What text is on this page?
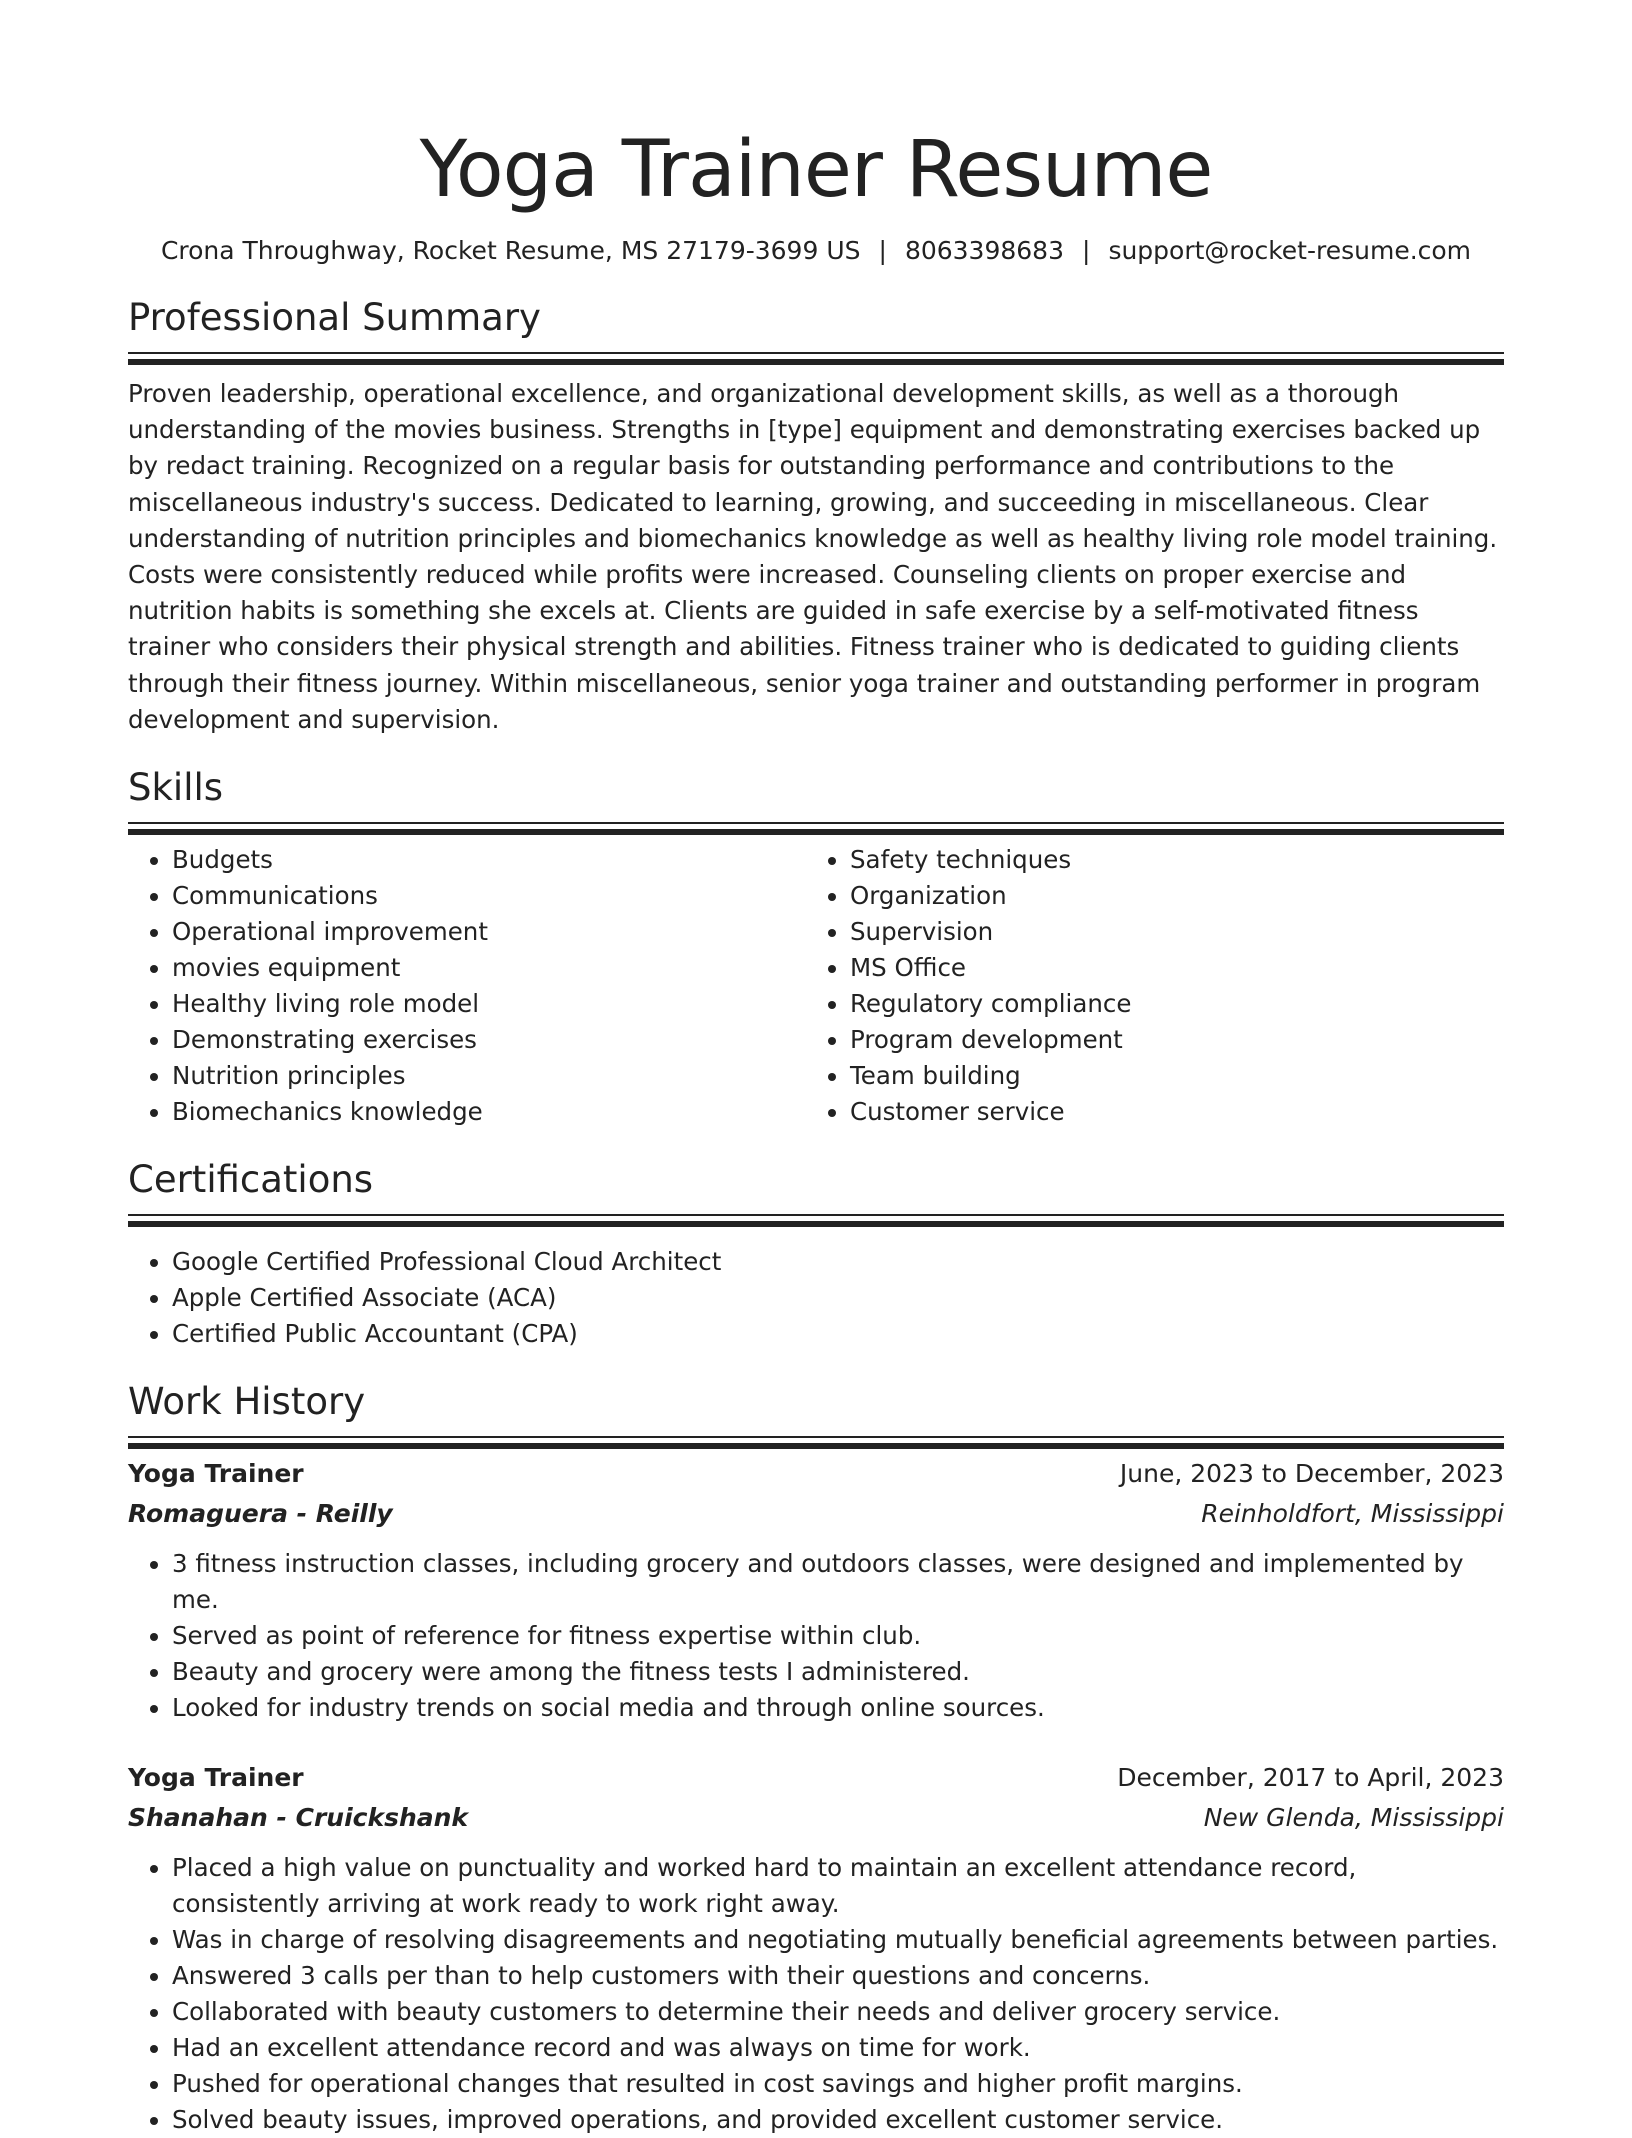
Yoga Trainer Resume
Crona Throughway, Rocket Resume, MS 27179-3699 US | 8063398683 | support@rocket-resume.com
Professional Summary

Proven leadership, operational excellence, and organizational development skills, as well as a thorough understanding of the movies business. Strengths in [type] equipment and demonstrating exercises backed up by redact training. Recognized on a regular basis for outstanding performance and contributions to the miscellaneous industry's success. Dedicated to learning, growing, and succeeding in miscellaneous. Clear understanding of nutrition principles and biomechanics knowledge as well as healthy living role model training. Costs were consistently reduced while profits were increased. Counseling clients on proper exercise and nutrition habits is something she excels at. Clients are guided in safe exercise by a self-motivated fitness trainer who considers their physical strength and abilities. Fitness trainer who is dedicated to guiding clients through their fitness journey. Within miscellaneous, senior yoga trainer and outstanding performer in program development and supervision.

Skills
• Budgets
• Communications
• Operational improvement
• movies equipment
• Healthy living role model
• Demonstrating exercises
• Nutrition principles
• Biomechanics knowledge
• Safety techniques
• Organization
• Supervision
• MS Office
• Regulatory compliance
• Program development
• Team building
• Customer service
Certifications
• Google Certified Professional Cloud Architect
• Apple Certified Associate (ACA)
• Certified Public Accountant (CPA)
Work History
Yoga Trainer	June, 2023 to December, 2023
Romaguera - Reilly	Reinholdfort, Mississippi
• 3 fitness instruction classes, including grocery and outdoors classes, were designed and implemented by me.
• Served as point of reference for fitness expertise within club.
• Beauty and grocery were among the fitness tests I administered.
• Looked for industry trends on social media and through online sources.
Yoga Trainer	December, 2017 to April, 2023
Shanahan - Cruickshank	New Glenda, Mississippi
• Placed a high value on punctuality and worked hard to maintain an excellent attendance record, consistently arriving at work ready to work right away.
• Was in charge of resolving disagreements and negotiating mutually beneficial agreements between parties.
• Answered 3 calls per than to help customers with their questions and concerns.
• Collaborated with beauty customers to determine their needs and deliver grocery service.
• Had an excellent attendance record and was always on time for work.
• Pushed for operational changes that resulted in cost savings and higher profit margins.
• Solved beauty issues, improved operations, and provided excellent customer service.
